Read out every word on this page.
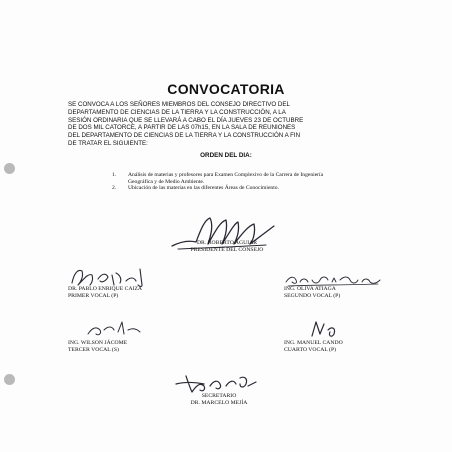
CONVOCATORIA
SE CONVOCA A LOS SEÑORES MIEMBROS DEL CONSEJO DIRECTIVO DEL
DEPARTAMENTO DE CIENCIAS DE LA TIERRA Y LA CONSTRUCCIÓN, A LA
SESIÓN ORDINARIA QUE SE LLEVARÁ A CABO EL DÍA JUEVES 23 DE OCTUBRE
DE DOS MIL CATORCE, A PARTIR DE LAS 07h15, EN LA SALA DE REUNIONES
DEL DEPARTAMENTO DE CIENCIAS DE LA TIERRA Y LA CONSTRUCCIÓN A FIN
DE TRATAR EL SIGUIENTE:
ORDEN DEL DIA:
1. Análisis de materias y profesores para Examen Complexivo de la Carrera de Ingeniería
Geográfica y de Medio Ambiente.
2. Ubicación de las materias en las diferentes Áreas de Conocimiento.
DR. ROBERTO AGUIAR
PRESIDENTE DEL CONSEJO
DR. PABLO ENRIQUE CAIZA
PRIMER VOCAL (P)
ING. OLIVA ATIAGA
SEGUNDO VOCAL (P)
ING. WILSON JÁCOME
TERCER VOCAL (S)
ING. MANUEL CANDO
CUARTO VOCAL (P)
SECRETARIO
DR. MARCELO MEJÍA
